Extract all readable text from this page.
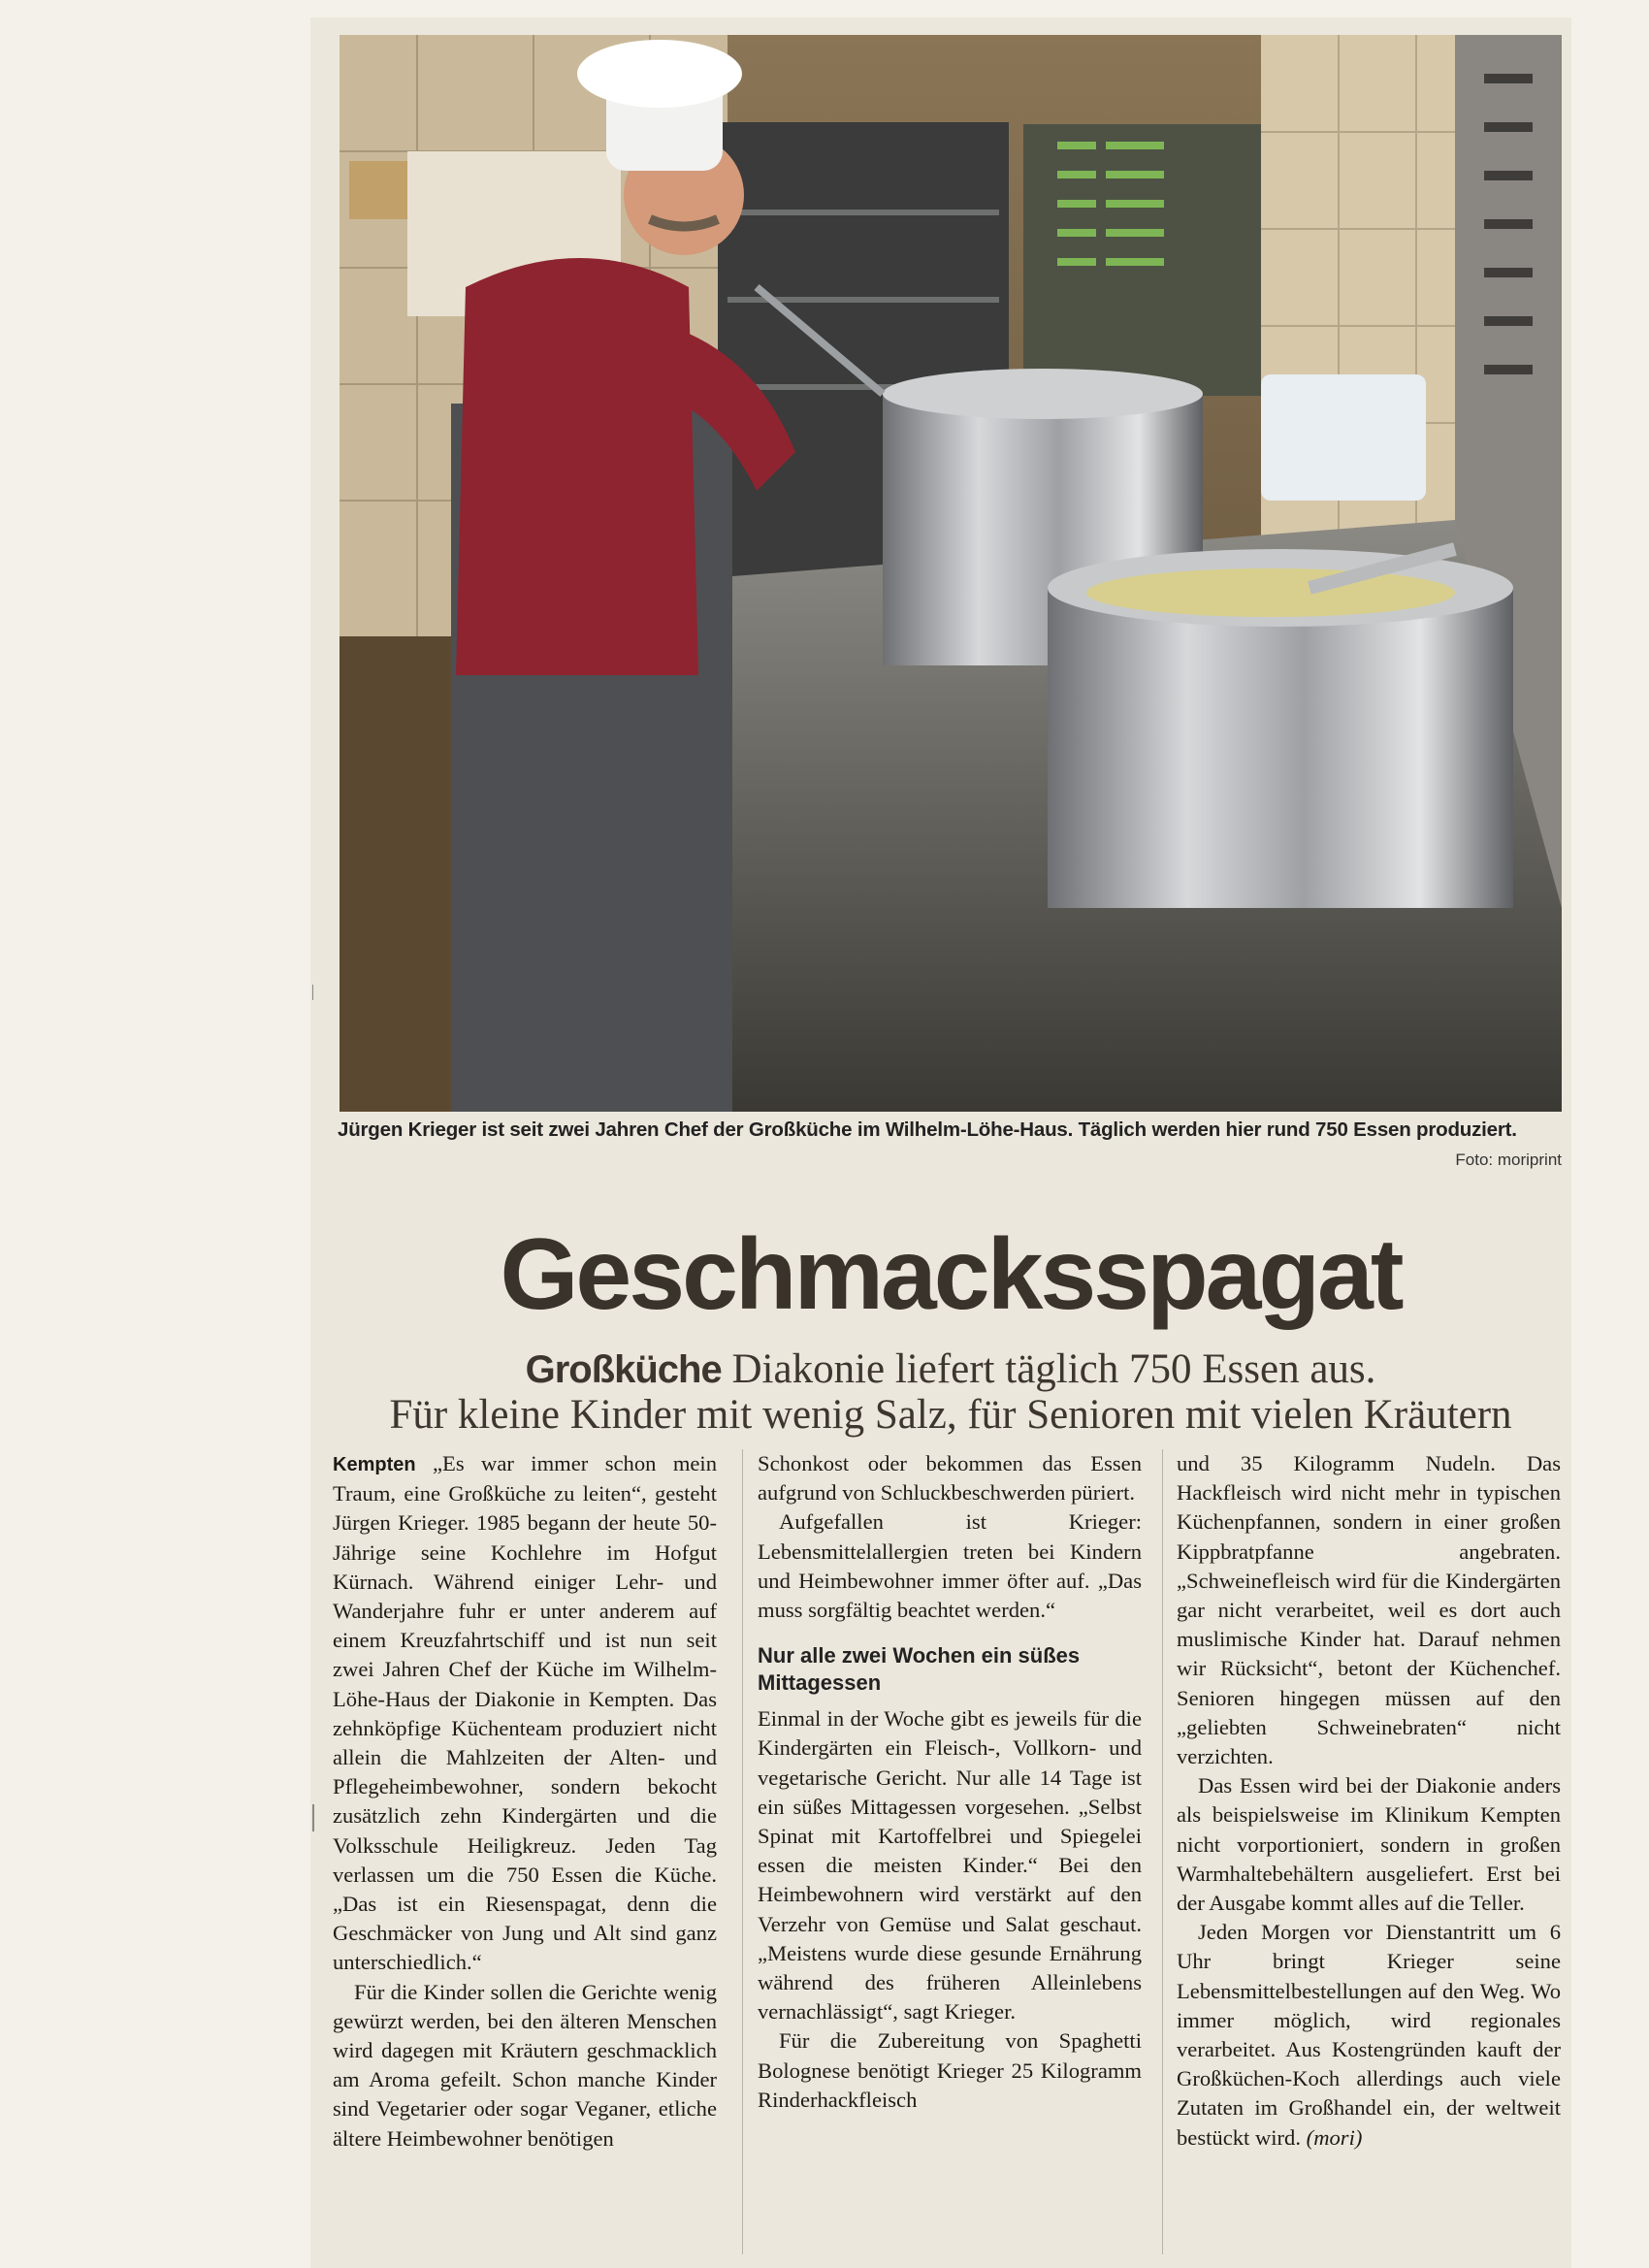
Jürgen Krieger ist seit zwei Jahren Chef der Großküche im Wilhelm-Löhe-Haus. Täglich werden hier rund 750 Essen produziert.
Foto: moriprint
Geschmacksspagat
Großküche Diakonie liefert täglich 750 Essen aus.
Für kleine Kinder mit wenig Salz, für Senioren mit vielen Kräutern

Kempten „Es war immer schon mein Traum, eine Großküche zu leiten“, gesteht Jürgen Krieger. 1985 begann der heute 50-Jährige seine Kochlehre im Hofgut Kürnach. Während einiger Lehr- und Wanderjahre fuhr er unter anderem auf einem Kreuzfahrtschiff und ist nun seit zwei Jahren Chef der Küche im Wilhelm-Löhe-Haus der Diakonie in Kempten. Das zehnköpfige Küchenteam produziert nicht allein die Mahlzeiten der Alten- und Pflegeheimbewohner, sondern bekocht zusätzlich zehn Kindergärten und die Volksschule Heiligkreuz. Jeden Tag verlassen um die 750 Essen die Küche. „Das ist ein Riesenspagat, denn die Geschmäcker von Jung und Alt sind ganz unterschiedlich.“

Für die Kinder sollen die Gerichte wenig gewürzt werden, bei den älteren Menschen wird dagegen mit Kräutern geschmacklich am Aroma gefeilt. Schon manche Kinder sind Vegetarier oder sogar Veganer, etliche ältere Heimbewohner benötigen

Schonkost oder bekommen das Essen aufgrund von Schluckbeschwerden püriert.

Aufgefallen ist Krieger: Lebensmittelallergien treten bei Kindern und Heimbewohner immer öfter auf. „Das muss sorgfältig beachtet werden.“

Nur alle zwei Wochen ein süßes Mittagessen

Einmal in der Woche gibt es jeweils für die Kindergärten ein Fleisch-, Vollkorn- und vegetarische Gericht. Nur alle 14 Tage ist ein süßes Mittagessen vorgesehen. „Selbst Spinat mit Kartoffelbrei und Spiegelei essen die meisten Kinder.“ Bei den Heimbewohnern wird verstärkt auf den Verzehr von Gemüse und Salat geschaut. „Meistens wurde diese gesunde Ernährung während des früheren Alleinlebens vernachlässigt“, sagt Krieger.

Für die Zubereitung von Spaghetti Bolognese benötigt Krieger 25 Kilogramm Rinderhackfleisch

und 35 Kilogramm Nudeln. Das Hackfleisch wird nicht mehr in typischen Küchenpfannen, sondern in einer großen Kippbratpfanne angebraten. „Schweinefleisch wird für die Kindergärten gar nicht verarbeitet, weil es dort auch muslimische Kinder hat. Darauf nehmen wir Rücksicht“, betont der Küchenchef. Senioren hingegen müssen auf den „geliebten Schweinebraten“ nicht verzichten.

Das Essen wird bei der Diakonie anders als beispielsweise im Klinikum Kempten nicht vorportioniert, sondern in großen Warmhaltebehältern ausgeliefert. Erst bei der Ausgabe kommt alles auf die Teller.

Jeden Morgen vor Dienstantritt um 6 Uhr bringt Krieger seine Lebensmittelbestellungen auf den Weg. Wo immer möglich, wird regionales verarbeitet. Aus Kostengründen kauft der Großküchen-Koch allerdings auch viele Zutaten im Großhandel ein, der weltweit bestückt wird. (mori)
